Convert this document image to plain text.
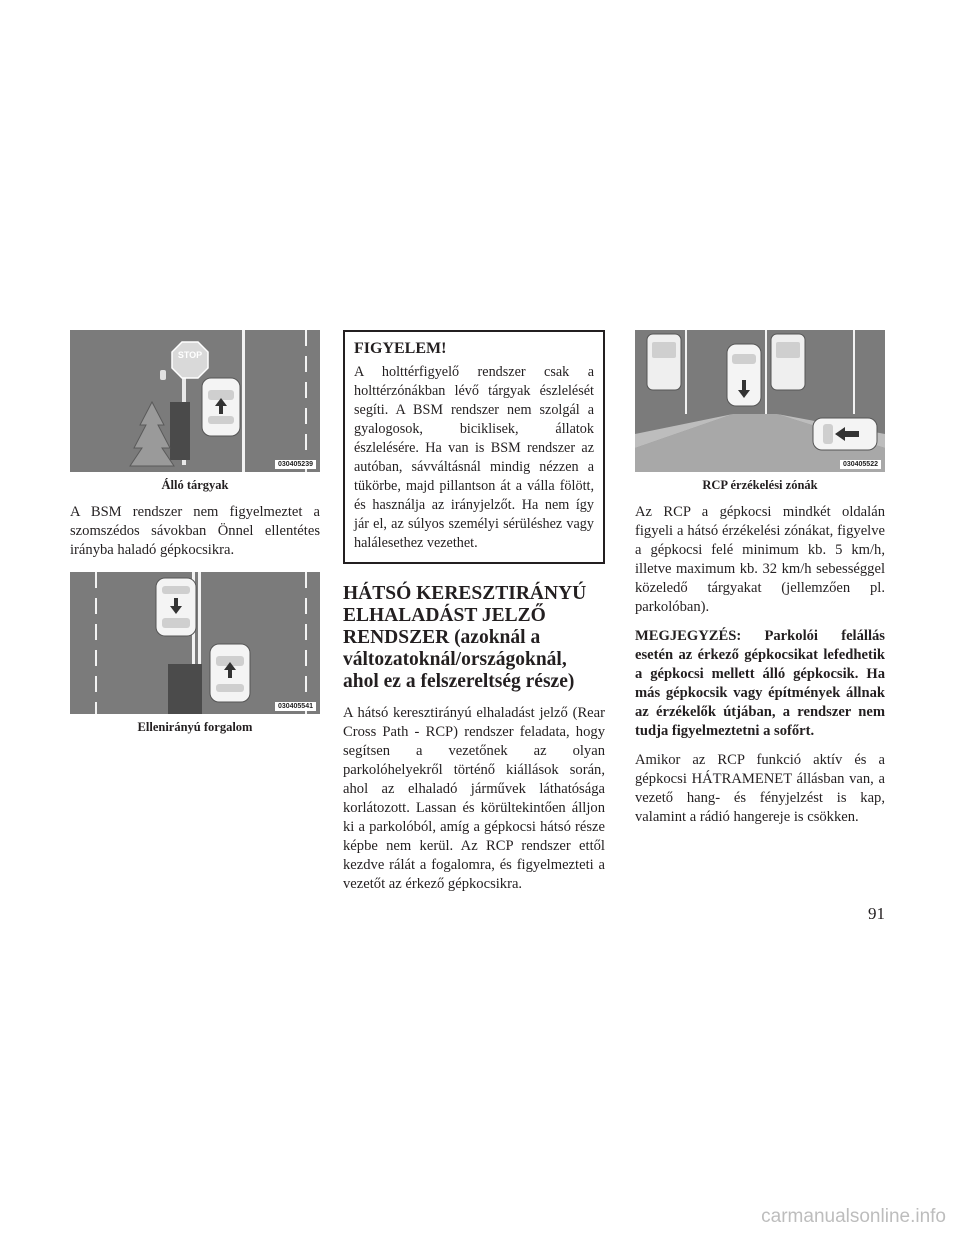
030405239
STOP
Álló tárgyak

A BSM rendszer nem figyelmeztet a szomszédos sávokban Önnel ellentétes irányba haladó gépkocsikra.

030405541
Ellenirányú forgalom
FIGYELEM!

A holttérfigyelő rendszer csak a holttérzónákban lévő tárgyak észlelését segíti. A BSM rendszer nem szolgál a gyalogosok, biciklisek, állatok észlelésére. Ha van is BSM rendszer az autóban, sávváltásnál mindig nézzen a tükörbe, majd pillantson át a válla fölött, és használja az irányjelzőt. Ha nem így jár el, az súlyos személyi sérüléshez vagy halálesethez vezethet.

HÁTSÓ KERESZTIRÁNYÚ ELHALADÁST JELZŐ RENDSZER (azoknál a változatoknál/országoknál, ahol ez a felszereltség része)

A hátsó keresztirányú elhaladást jelző (Rear Cross Path - RCP) rendszer feladata, hogy segítsen a vezetőnek az olyan parkolóhelyekről történő kiállások során, ahol az elhaladó járművek láthatósága korlátozott. Lassan és körültekintően álljon ki a parkolóból, amíg a gépkocsi hátsó része képbe nem kerül. Az RCP rendszer ettől kezdve rálát a fogalomra, és figyelmezteti a vezetőt az érkező gépkocsikra.

030405522
RCP érzékelési zónák

Az RCP a gépkocsi mindkét oldalán figyeli a hátsó érzékelési zónákat, figyelve a gépkocsi felé minimum kb. 5 km/h, illetve maximum kb. 32 km/h sebességgel közeledő tárgyakat (jellemzően pl. parkolóban).

MEGJEGYZÉS: Parkolói felállás esetén az érkező gépkocsikat lefedhetik a gépkocsi mellett álló gépkocsik. Ha más gépkocsik vagy építmények állnak az érzékelők útjában, a rendszer nem tudja figyelmeztetni a sofőrt.

Amikor az RCP funkció aktív és a gépkocsi HÁTRAMENET állásban van, a vezető hang- és fényjelzést is kap, valamint a rádió hangereje is csökken.

91
carmanualsonline.info
